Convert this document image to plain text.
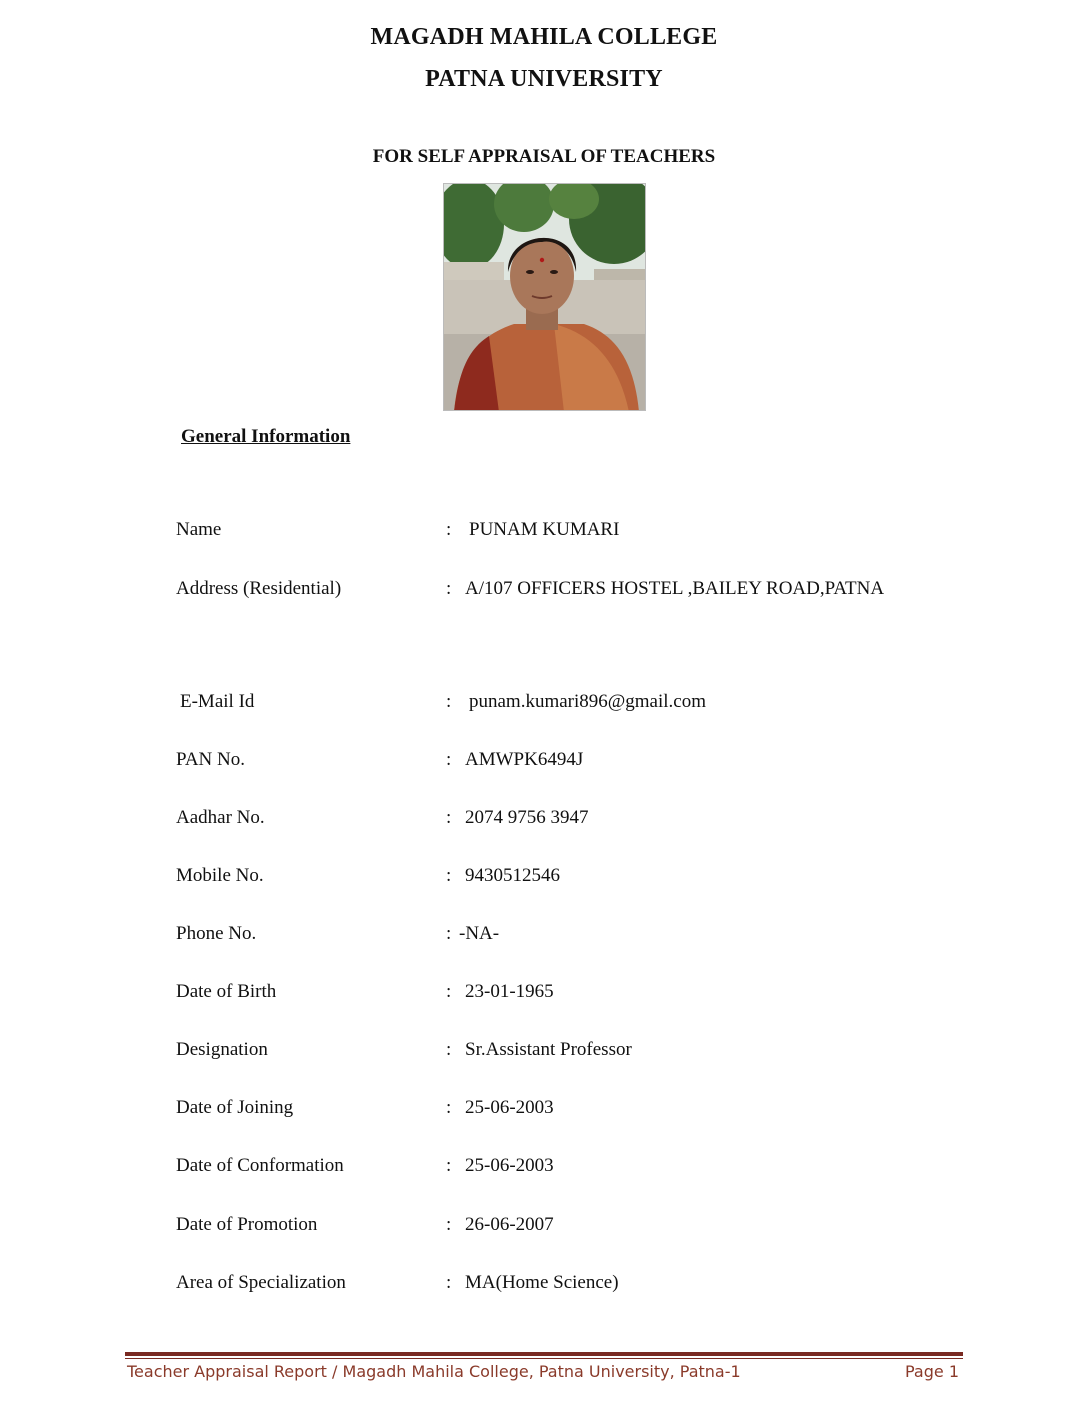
MAGADH MAHILA COLLEGE
PATNA UNIVERSITY
FOR SELF APPRAISAL OF TEACHERS
General Information
Name	: PUNAM KUMARI
Address (Residential)	: A/107 OFFICERS HOSTEL ,BAILEY ROAD,PATNA
E-Mail Id	: punam.kumari896@gmail.com
PAN No.	: AMWPK6494J
Aadhar No.	: 2074 9756 3947
Mobile No.	: 9430512546
Phone No.	: -NA-
Date of Birth	: 23-01-1965
Designation	: Sr.Assistant Professor
Date of Joining	: 25-06-2003
Date of Conformation	: 25-06-2003
Date of Promotion	: 26-06-2007
Area of Specialization	: MA(Home Science)
Teacher Appraisal Report / Magadh Mahila College, Patna University, Patna-1	Page 1
